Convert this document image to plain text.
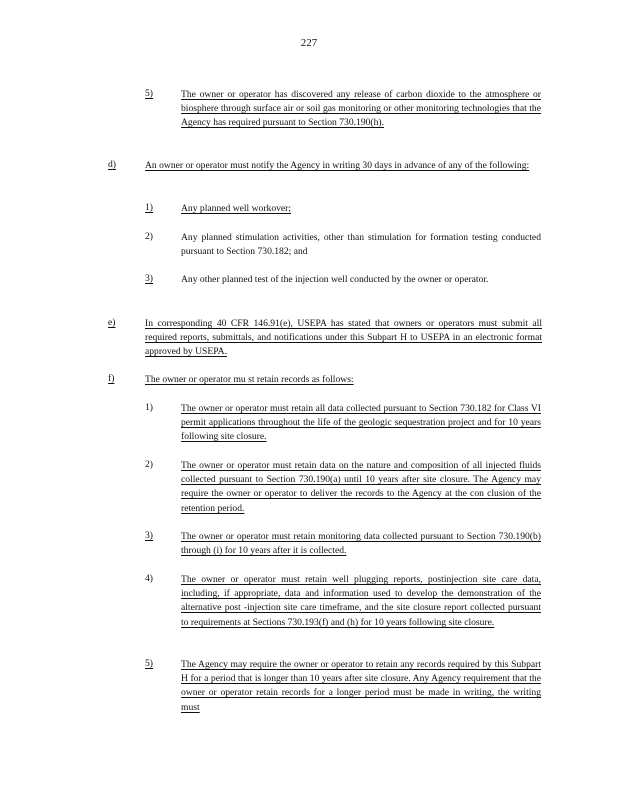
227
5)	The owner or operator has discovered any release of carbon dioxide to the atmosphere or biosphere through surface air or soil gas monitoring or other monitoring technologies that the Agency has required pursuant to Section 730.190(h).
d)	An owner or operator must notify the Agency in writing 30 days in advance of any of the following:
1)	Any planned well workover;
2)	Any planned stimulation activities, other than stimulation for formation testing conducted pursuant to Section 730.182; and
3)	Any other planned test of the injection well conducted by the owner or operator.
e)	In corresponding 40 CFR 146.91(e), USEPA has stated that owners or operators must submit all required reports, submittals, and notifications under this Subpart H to USEPA in an electronic format approved by USEPA.
f)	The owner or operator mu st retain records as follows:
1)	The owner or operator must retain all data collected pursuant to Section 730.182 for Class VI permit applications throughout the life of the geologic sequestration project and for 10 years following site closure.
2)	The owner or operator must retain data on the nature and composition of all injected fluids collected pursuant to Section 730.190(a) until 10 years after site closure. The Agency may require the owner or operator to deliver the records to the Agency at the con clusion of the retention period.
3)	The owner or operator must retain monitoring data collected pursuant to Section 730.190(b) through (i) for 10 years after it is collected.
4)	The owner or operator must retain well plugging reports, postinjection site care data, including, if appropriate, data and information used to develop the demonstration of the alternative post -injection site care timeframe, and the site closure report collected pursuant to requirements at Sections 730.193(f) and (h) for 10 years following site closure.
5)	The Agency may require the owner or operator to retain any records required by this Subpart H for a period that is longer than 10 years after site closure. Any Agency requirement that the owner or operator retain records for a longer period must be made in writing, the writing must
